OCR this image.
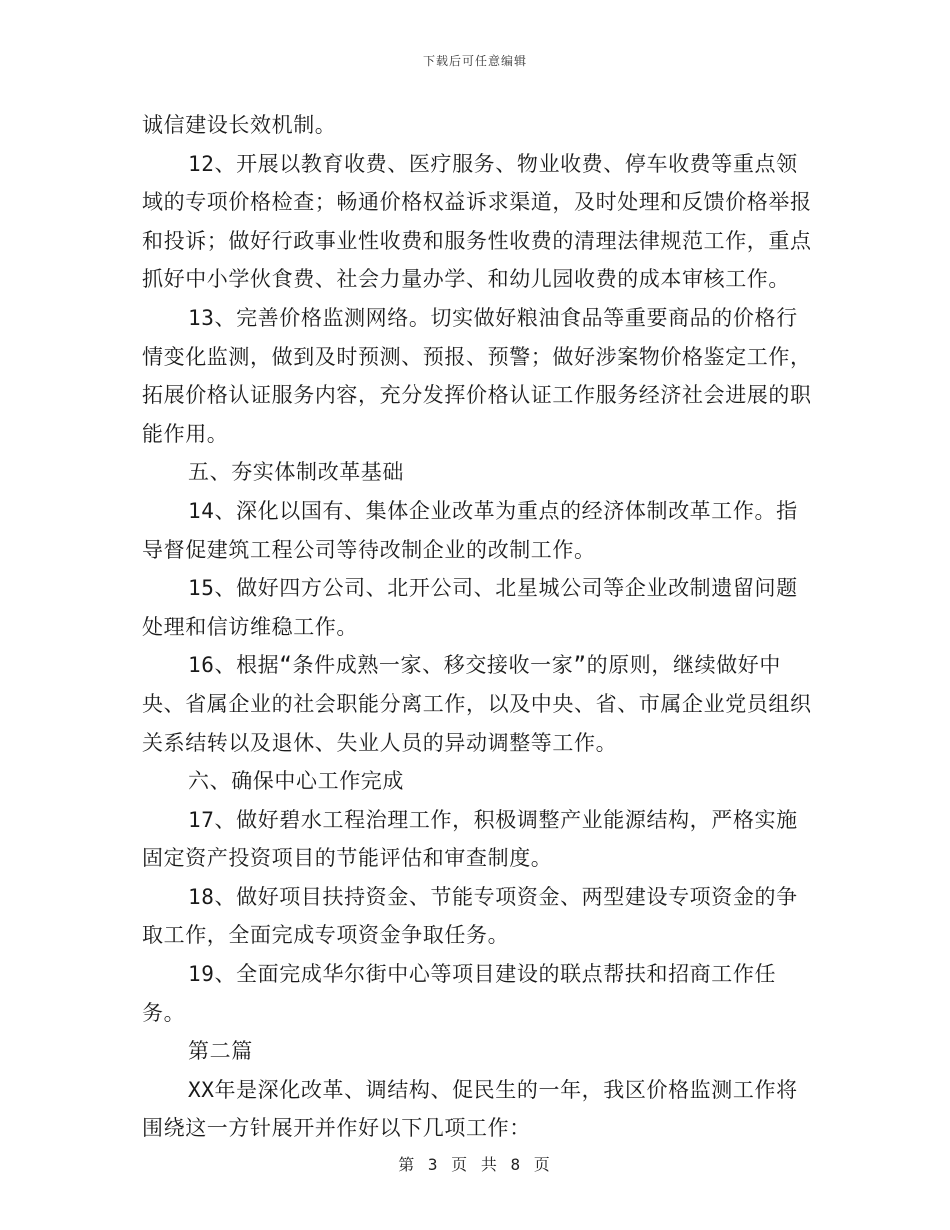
下载后可任意编辑

诚信建设长效机制。

12、开展以教育收费、医疗服务、物业收费、停车收费等重点领域的专项价格检查；畅通价格权益诉求渠道，及时处理和反馈价格举报和投诉；做好行政事业性收费和服务性收费的清理法律规范工作，重点抓好中小学伙食费、社会力量办学、和幼儿园收费的成本审核工作。

13、完善价格监测网络。切实做好粮油食品等重要商品的价格行情变化监测，做到及时预测、预报、预警；做好涉案物价格鉴定工作，拓展价格认证服务内容，充分发挥价格认证工作服务经济社会进展的职能作用。

五、夯实体制改革基础

14、深化以国有、集体企业改革为重点的经济体制改革工作。指导督促建筑工程公司等待改制企业的改制工作。

15、做好四方公司、北开公司、北星城公司等企业改制遗留问题处理和信访维稳工作。

16、根据“条件成熟一家、移交接收一家”的原则，继续做好中央、省属企业的社会职能分离工作，以及中央、省、市属企业党员组织关系结转以及退休、失业人员的异动调整等工作。

六、确保中心工作完成

17、做好碧水工程治理工作，积极调整产业能源结构，严格实施固定资产投资项目的节能评估和审查制度。

18、做好项目扶持资金、节能专项资金、两型建设专项资金的争取工作，全面完成专项资金争取任务。

19、全面完成华尔街中心等项目建设的联点帮扶和招商工作任务。

第二篇

XX年是深化改革、调结构、促民生的一年，我区价格监测工作将围绕这一方针展开并作好以下几项工作：

第 3 页 共 8 页
